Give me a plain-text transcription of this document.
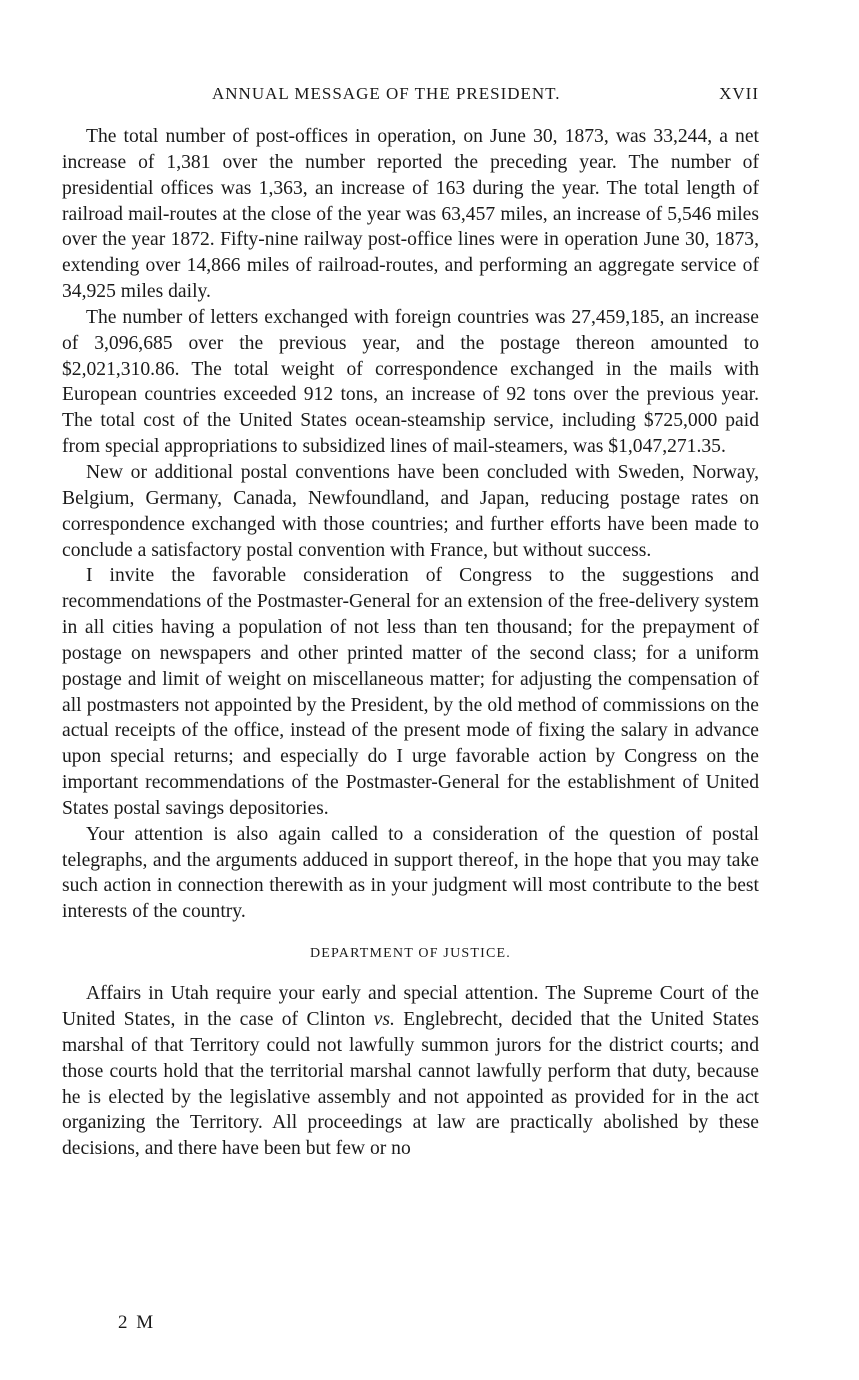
ANNUAL MESSAGE OF THE PRESIDENT.	XVII

The total number of post-offices in operation, on June 30, 1873, was 33,244, a net increase of 1,381 over the number reported the preceding year. The number of presidential offices was 1,363, an increase of 163 during the year. The total length of railroad mail-routes at the close of the year was 63,457 miles, an increase of 5,546 miles over the year 1872. Fifty-nine railway post-office lines were in operation June 30, 1873, extending over 14,866 miles of railroad-routes, and performing an aggregate service of 34,925 miles daily.

The number of letters exchanged with foreign countries was 27,459,185, an increase of 3,096,685 over the previous year, and the postage thereon amounted to $2,021,310.86. The total weight of correspondence exchanged in the mails with European countries exceeded 912 tons, an increase of 92 tons over the previous year. The total cost of the United States ocean-steamship service, including $725,000 paid from special appropriations to subsidized lines of mail-steamers, was $1,047,271.35.

New or additional postal conventions have been concluded with Sweden, Norway, Belgium, Germany, Canada, Newfoundland, and Japan, reducing postage rates on correspondence exchanged with those countries; and further efforts have been made to conclude a satisfactory postal convention with France, but without success.

I invite the favorable consideration of Congress to the suggestions and recommendations of the Postmaster-General for an extension of the free-delivery system in all cities having a population of not less than ten thousand; for the prepayment of postage on newspapers and other printed matter of the second class; for a uniform postage and limit of weight on miscellaneous matter; for adjusting the compensation of all postmasters not appointed by the President, by the old method of commissions on the actual receipts of the office, instead of the present mode of fixing the salary in advance upon special returns; and especially do I urge favorable action by Congress on the important recommendations of the Postmaster-General for the establishment of United States postal savings depositories.

Your attention is also again called to a consideration of the question of postal telegraphs, and the arguments adduced in support thereof, in the hope that you may take such action in connection therewith as in your judgment will most contribute to the best interests of the country.

DEPARTMENT OF JUSTICE.

Affairs in Utah require your early and special attention. The Supreme Court of the United States, in the case of Clinton vs. Englebrecht, decided that the United States marshal of that Territory could not lawfully summon jurors for the district courts; and those courts hold that the territorial marshal cannot lawfully perform that duty, because he is elected by the legislative assembly and not appointed as provided for in the act organizing the Territory. All proceedings at law are practically abolished by these decisions, and there have been but few or no

2 M
